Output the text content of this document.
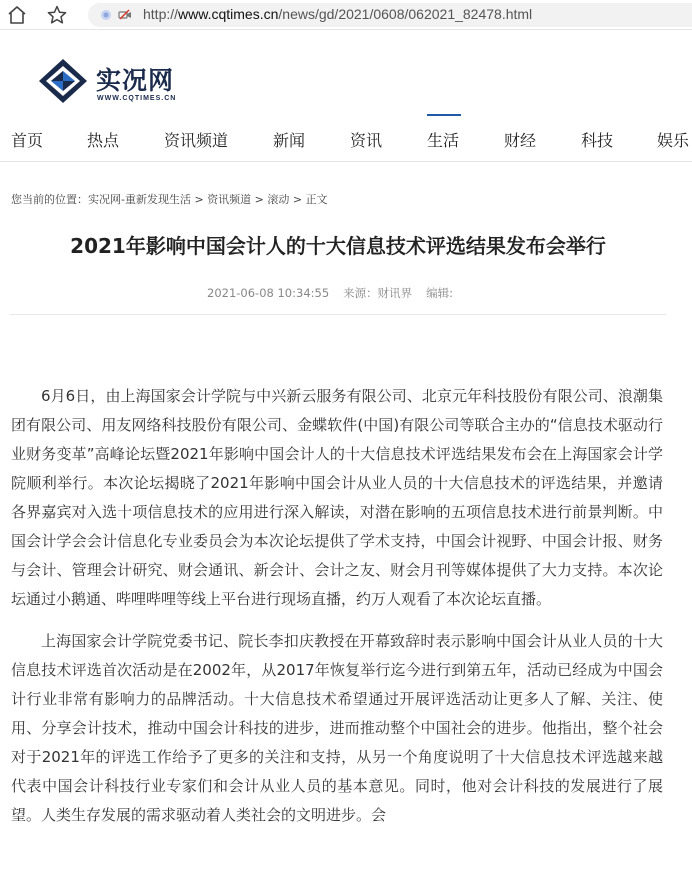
http://www.cqtimes.cn/news/gd/2021/0608/062021_82478.html
实况网
WWW.CQTIMES.CN
首页	热点	资讯频道	新闻	资讯	生活	财经	科技	娱乐
您当前的位置：实况网-重新发现生活 > 资讯频道 > 滚动 > 正文
2021年影响中国会计人的十大信息技术评选结果发布会举行
2021-06-08 10:34:55 来源：财讯界 编辑:

6月6日，由上海国家会计学院与中兴新云服务有限公司、北京元年科技股份有限公司、浪潮集团有限公司、用友网络科技股份有限公司、金蝶软件(中国)有限公司等联合主办的“信息技术驱动行业财务变革”高峰论坛暨2021年影响中国会计人的十大信息技术评选结果发布会在上海国家会计学院顺利举行。本次论坛揭晓了2021年影响中国会计从业人员的十大信息技术的评选结果，并邀请各界嘉宾对入选十项信息技术的应用进行深入解读，对潜在影响的五项信息技术进行前景判断。中国会计学会会计信息化专业委员会为本次论坛提供了学术支持，中国会计视野、中国会计报、财务与会计、管理会计研究、财会通讯、新会计、会计之友、财会月刊等媒体提供了大力支持。本次论坛通过小鹅通、哔哩哔哩等线上平台进行现场直播，约万人观看了本次论坛直播。

上海国家会计学院党委书记、院长李扣庆教授在开幕致辞时表示影响中国会计从业人员的十大信息技术评选首次活动是在2002年，从2017年恢复举行迄今进行到第五年，活动已经成为中国会计行业非常有影响力的品牌活动。十大信息技术希望通过开展评选活动让更多人了解、关注、使用、分享会计技术，推动中国会计科技的进步，进而推动整个中国社会的进步。他指出，整个社会对于2021年的评选工作给予了更多的关注和支持，从另一个角度说明了十大信息技术评选越来越代表中国会计科技行业专家们和会计从业人员的基本意见。同时，他对会计科技的发展进行了展望。人类生存发展的需求驱动着人类社会的文明进步。会
